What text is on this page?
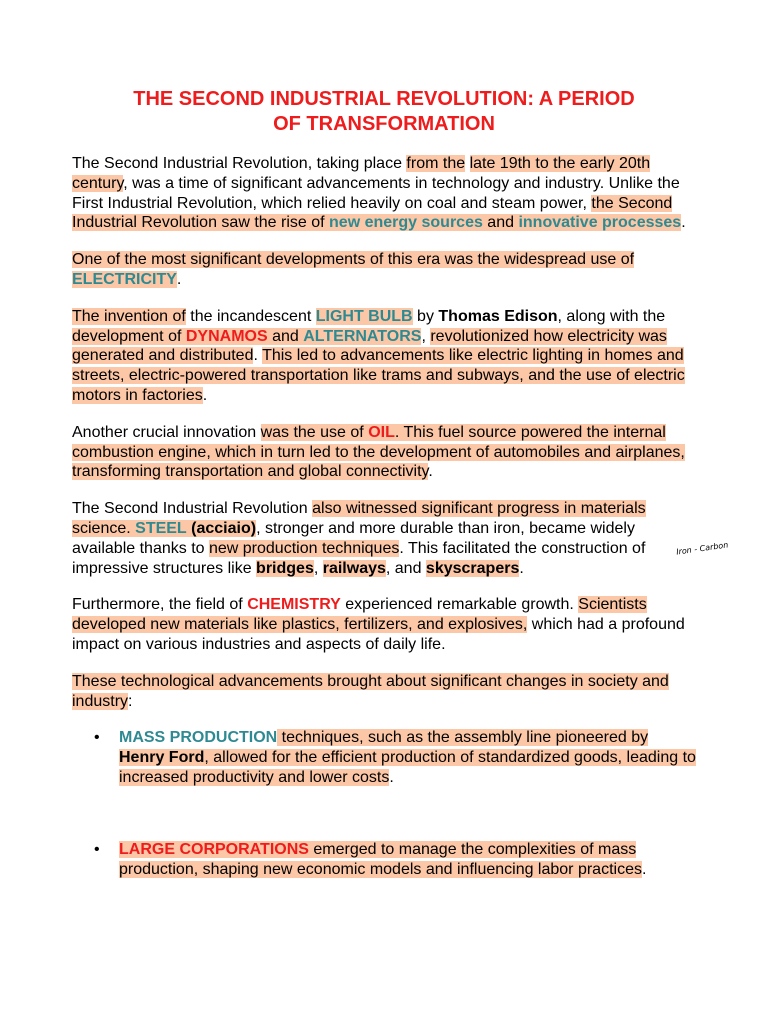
THE SECOND INDUSTRIAL REVOLUTION: A PERIOD
OF TRANSFORMATION

The Second Industrial Revolution, taking place from the late 19th to the early 20th century, was a time of significant advancements in technology and industry. Unlike the First Industrial Revolution, which relied heavily on coal and steam power, the Second Industrial Revolution saw the rise of new energy sources and innovative processes.

One of the most significant developments of this era was the widespread use of ELECTRICITY.

The invention of the incandescent LIGHT BULB by Thomas Edison, along with the development of DYNAMOS and ALTERNATORS, revolutionized how electricity was generated and distributed. This led to advancements like electric lighting in homes and streets, electric-powered transportation like trams and subways, and the use of electric motors in factories.

Another crucial innovation was the use of OIL. This fuel source powered the internal combustion engine, which in turn led to the development of automobiles and airplanes, transforming transportation and global connectivity.

The Second Industrial Revolution also witnessed significant progress in materials science. STEEL (acciaio), stronger and more durable than iron, became widely available thanks to new production techniques. This facilitated the construction of impressive structures like bridges, railways, and skyscrapers.

Furthermore, the field of CHEMISTRY experienced remarkable growth. Scientists developed new materials like plastics, fertilizers, and explosives, which had a profound impact on various industries and aspects of daily life.

These technological advancements brought about significant changes in society and industry:

• MASS PRODUCTION techniques, such as the assembly line pioneered by Henry Ford, allowed for the efficient production of standardized goods, leading to increased productivity and lower costs.
• LARGE CORPORATIONS emerged to manage the complexities of mass production, shaping new economic models and influencing labor practices.
Iron - Carbon
